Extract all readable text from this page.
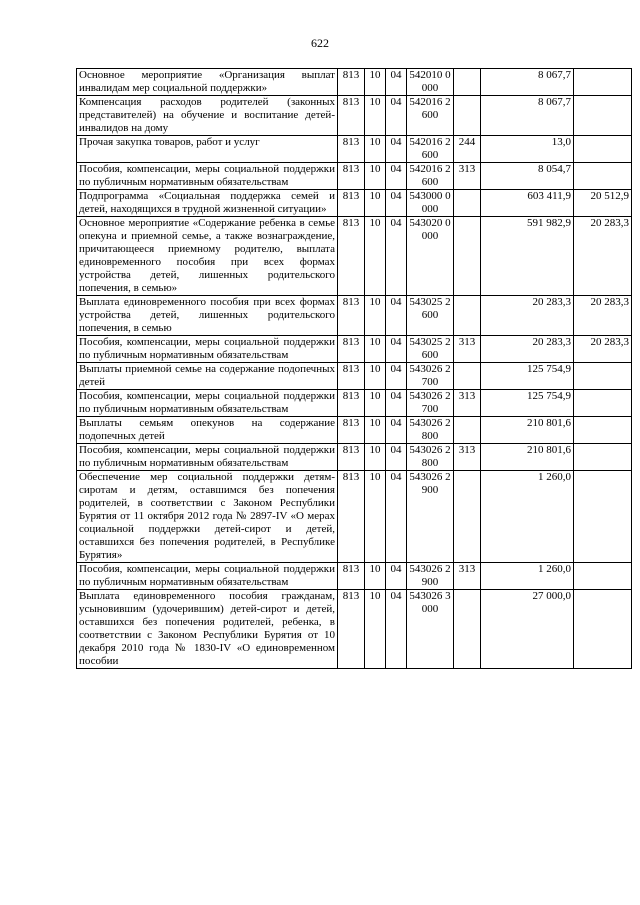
622
Основное мероприятие «Организация выплат инвалидам мер социальной поддержки»	813	10	04	542010 0000		8 067,7	
Компенсация расходов родителей (законных представителей) на обучение и воспитание детей-инвалидов на дому	813	10	04	542016 2600		8 067,7	
Прочая закупка товаров, работ и услуг	813	10	04	542016 2600	244	13,0	
Пособия, компенсации, меры социальной поддержки по публичным нормативным обязательствам	813	10	04	542016 2600	313	8 054,7	
Подпрограмма «Социальная поддержка семей и детей, находящихся в трудной жизненной ситуации»	813	10	04	543000 0000		603 411,9	20 512,9
Основное мероприятие «Содержание ребенка в семье опекуна и приемной семье, а также вознаграждение, причитающееся приемному родителю, выплата единовременного пособия при всех формах устройства детей, лишенных родительского попечения, в семью»	813	10	04	543020 0000		591 982,9	20 283,3
Выплата единовременного пособия при всех формах устройства детей, лишенных родительского попечения, в семью	813	10	04	543025 2600		20 283,3	20 283,3
Пособия, компенсации, меры социальной поддержки по публичным нормативным обязательствам	813	10	04	543025 2600	313	20 283,3	20 283,3
Выплаты приемной семье на содержание подопечных детей	813	10	04	543026 2700		125 754,9	
Пособия, компенсации, меры социальной поддержки по публичным нормативным обязательствам	813	10	04	543026 2700	313	125 754,9	
Выплаты семьям опекунов на содержание подопечных детей	813	10	04	543026 2800		210 801,6	
Пособия, компенсации, меры социальной поддержки по публичным нормативным обязательствам	813	10	04	543026 2800	313	210 801,6	
Обеспечение мер социальной поддержки детям-сиротам и детям, оставшимся без попечения родителей, в соответствии с Законом Республики Бурятия от 11 октября 2012 года № 2897-IV «О мерах социальной поддержки детей-сирот и детей, оставшихся без попечения родителей, в Республике Бурятия»	813	10	04	543026 2900		1 260,0	
Пособия, компенсации, меры социальной поддержки по публичным нормативным обязательствам	813	10	04	543026 2900	313	1 260,0	
Выплата единовременного пособия гражданам, усыновившим (удочерившим) детей-сирот и детей, оставшихся без попечения родителей, ребенка, в соответствии с Законом Республики Бурятия от 10 декабря 2010 года № 1830-IV «О единовременном пособии	813	10	04	543026 3000		27 000,0	
